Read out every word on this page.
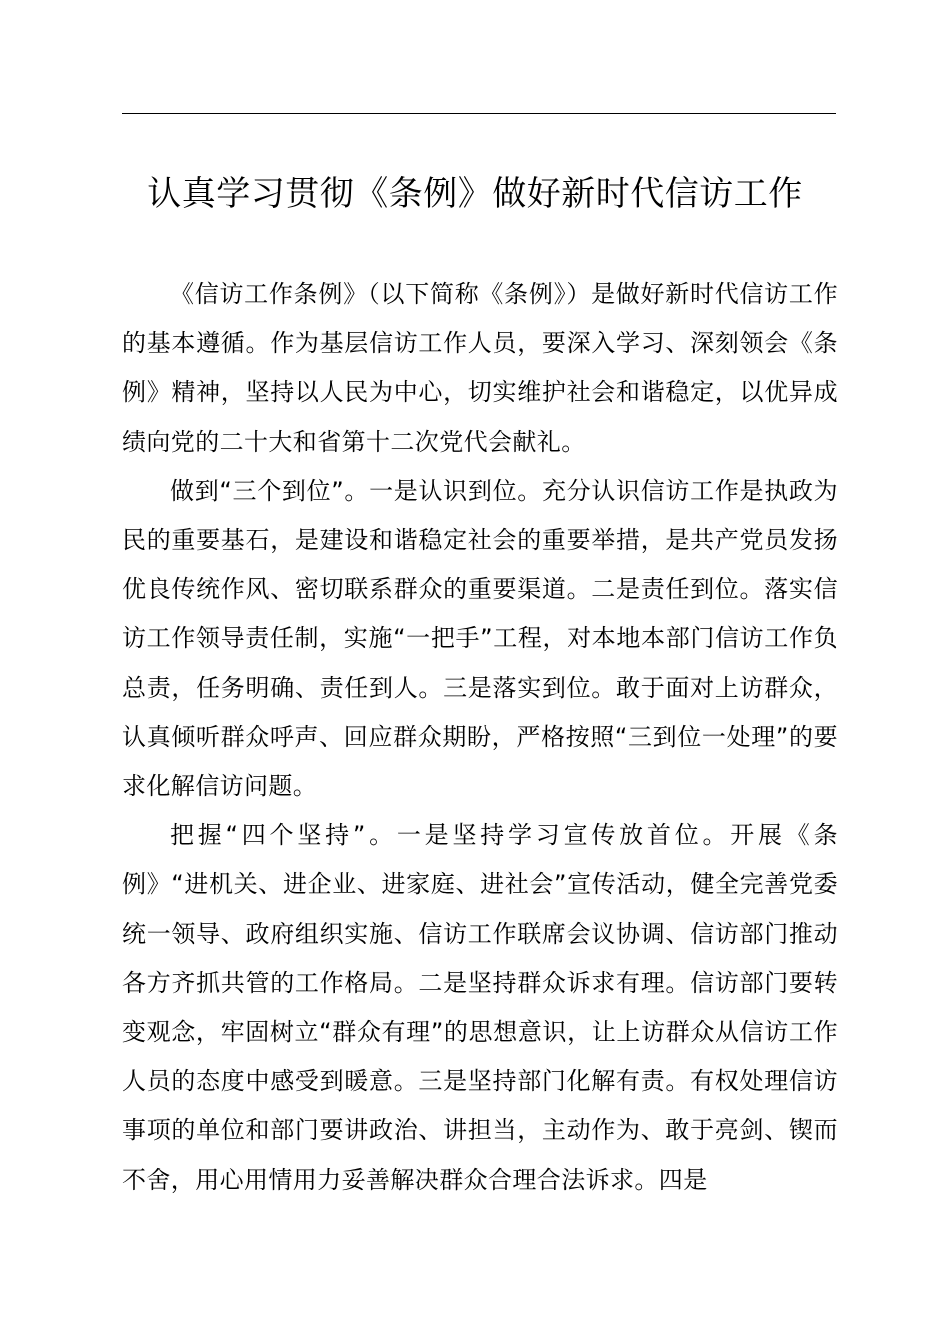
认真学习贯彻《条例》做好新时代信访工作

《信访工作条例》（以下简称《条例》）是做好新时代信访工作的基本遵循。作为基层信访工作人员，要深入学习、深刻领会《条例》精神，坚持以人民为中心，切实维护社会和谐稳定，以优异成绩向党的二十大和省第十二次党代会献礼。

做到“三个到位”。一是认识到位。充分认识信访工作是执政为民的重要基石，是建设和谐稳定社会的重要举措，是共产党员发扬优良传统作风、密切联系群众的重要渠道。二是责任到位。落实信访工作领导责任制，实施“一把手”工程，对本地本部门信访工作负总责，任务明确、责任到人。三是落实到位。敢于面对上访群众，认真倾听群众呼声、回应群众期盼，严格按照“三到位一处理”的要求化解信访问题。

把握“四个坚持”。一是坚持学习宣传放首位。开展《条例》“进机关、进企业、进家庭、进社会”宣传活动，健全完善党委统一领导、政府组织实施、信访工作联席会议协调、信访部门推动各方齐抓共管的工作格局。二是坚持群众诉求有理。信访部门要转变观念，牢固树立“群众有理”的思想意识，让上访群众从信访工作人员的态度中感受到暖意。三是坚持部门化解有责。有权处理信访事项的单位和部门要讲政治、讲担当，主动作为、敢于亮剑、锲而不舍，用心用情用力妥善解决群众合理合法诉求。四是
